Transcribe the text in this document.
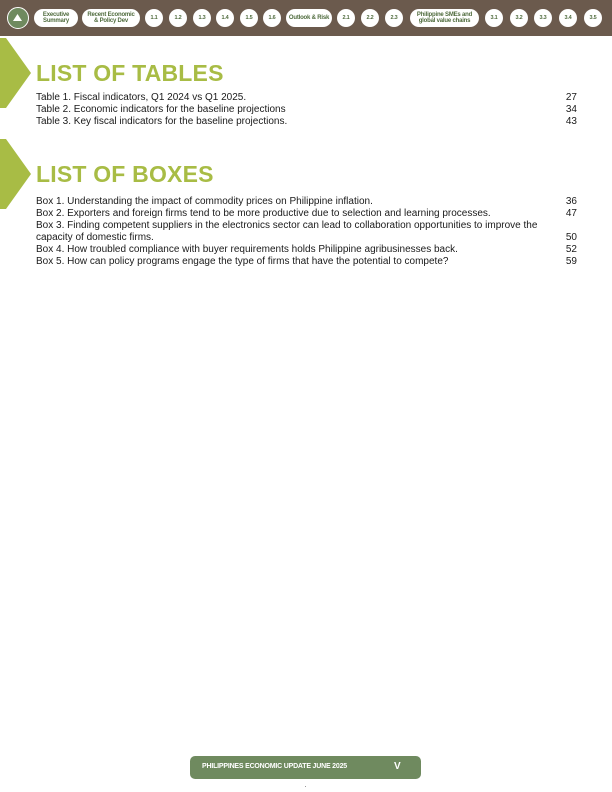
Executive
Summary
Recent Economic
& Policy Dev	1.1	1.2	1.3	1.4	1.5	1.6	Outlook & Risk	2.1	2.2	2.3	Philippine SMEs and
global value chains	3.1	3.2	3.3	3.4	3.5
LIST OF TABLES
Table 1. Fiscal indicators, Q1 2024 vs Q1 2025.	27
Table 2. Economic indicators for the baseline projections	34
Table 3. Key fiscal indicators for the baseline projections.	43
LIST OF BOXES
Box 1. Understanding the impact of commodity prices on Philippine inflation.	36
Box 2. Exporters and foreign firms tend to be more productive due to selection and learning processes.	47
Box 3. Finding competent suppliers in the electronics sector can lead to collaboration opportunities to improve the capacity of domestic firms.	50
Box 4. How troubled compliance with buyer requirements holds Philippine agribusinesses back.	52
Box 5. How can policy programs engage the type of firms that have the potential to compete?	59
PHILIPPINES ECONOMIC UPDATE JUNE 2025	V
